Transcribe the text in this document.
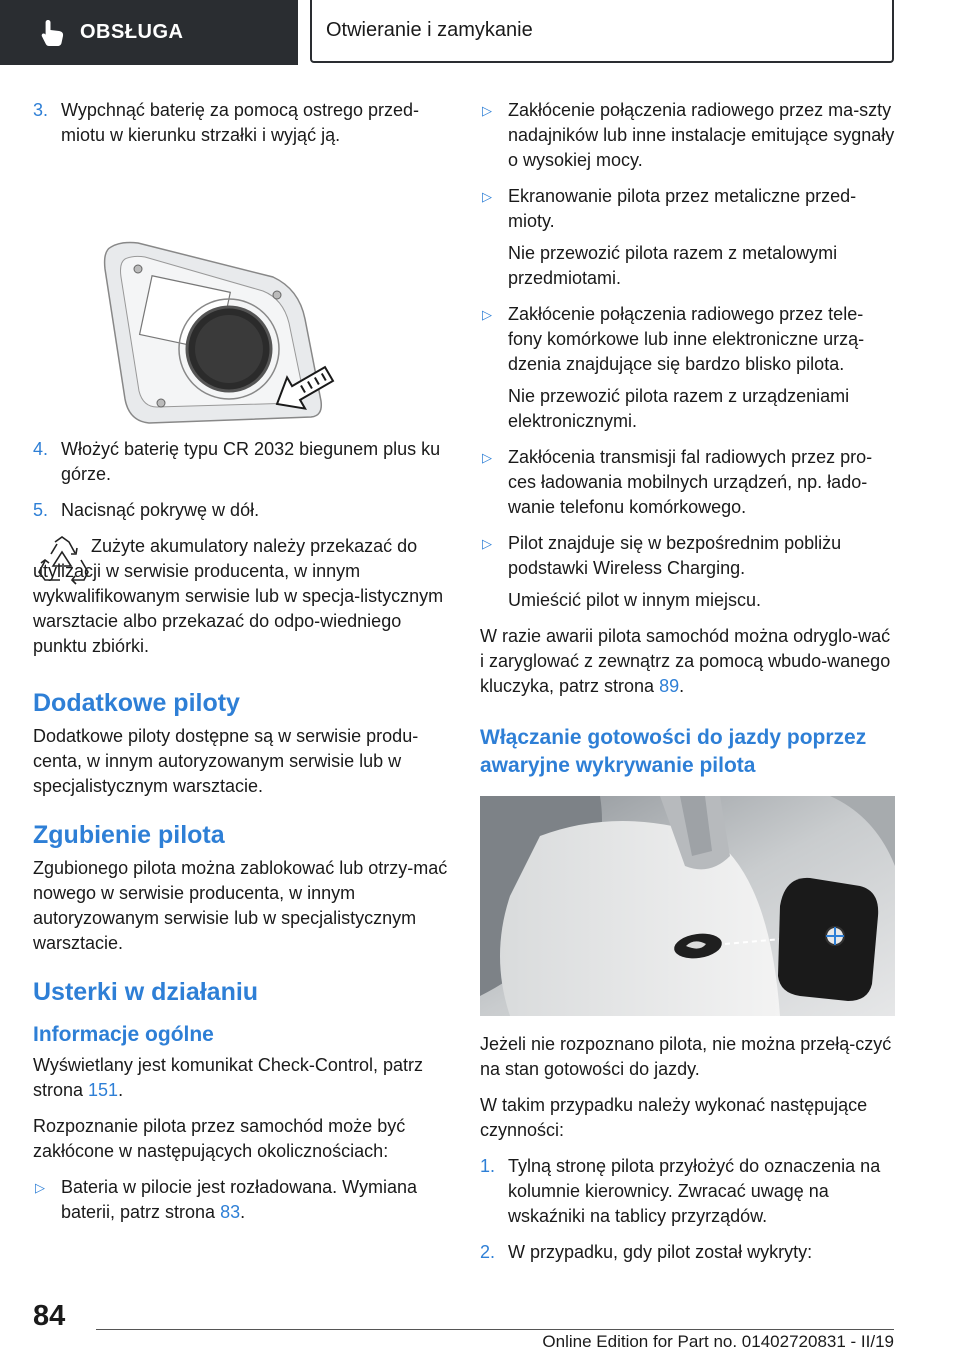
OBSŁUGA	Otwieranie i zamykanie
3. Wypchnąć baterię za pomocą ostrego przed-miotu w kierunku strzałki i wyjąć ją.
4. Włożyć baterię typu CR 2032 biegunem plus ku górze.
5. Nacisnąć pokrywę w dół.

Zużyte akumulatory należy przekazać do utylizacji w serwisie producenta, w innym wykwalifikowanym serwisie lub w specja-listycznym warsztacie albo przekazać do odpo-wiedniego punktu zbiórki.

Dodatkowe piloty

Dodatkowe piloty dostępne są w serwisie produ-centa, w innym autoryzowanym serwisie lub w specjalistycznym warsztacie.

Zgubienie pilota

Zgubionego pilota można zablokować lub otrzy-mać nowego w serwisie producenta, w innym autoryzowanym serwisie lub w specjalistycznym warsztacie.

Usterki w działaniu
Informacje ogólne

Wyświetlany jest komunikat Check-Control, patrz strona 151.

Rozpoznanie pilota przez samochód może być zakłócone w następujących okolicznościach:

▷ Bateria w pilocie jest rozładowana. Wymiana baterii, patrz strona 83.
▷ Zakłócenie połączenia radiowego przez ma-szty nadajników lub inne instalacje emitujące sygnały o wysokiej mocy.
▷ Ekranowanie pilota przez metaliczne przed-mioty.

Nie przewozić pilota razem z metalowymi przedmiotami.

▷ Zakłócenie połączenia radiowego przez tele-fony komórkowe lub inne elektroniczne urzą-dzenia znajdujące się bardzo blisko pilota.

Nie przewozić pilota razem z urządzeniami elektronicznymi.

▷ Zakłócenia transmisji fal radiowych przez pro-ces ładowania mobilnych urządzeń, np. łado-wanie telefonu komórkowego.
▷ Pilot znajduje się w bezpośrednim pobliżu podstawki Wireless Charging.

Umieścić pilot w innym miejscu.

W razie awarii pilota samochód można odryglo-wać i zaryglować z zewnątrz za pomocą wbudo-wanego kluczyka, patrz strona 89.

Włączanie gotowości do jazdy poprzez awaryjne wykrywanie pilota

Jeżeli nie rozpoznano pilota, nie można przełą-czyć na stan gotowości do jazdy.

W takim przypadku należy wykonać następujące czynności:

1. Tylną stronę pilota przyłożyć do oznaczenia na kolumnie kierownicy. Zwracać uwagę na wskaźniki na tablicy przyrządów.
2. W przypadku, gdy pilot został wykryty:
84
Online Edition for Part no. 01402720831 - II/19
